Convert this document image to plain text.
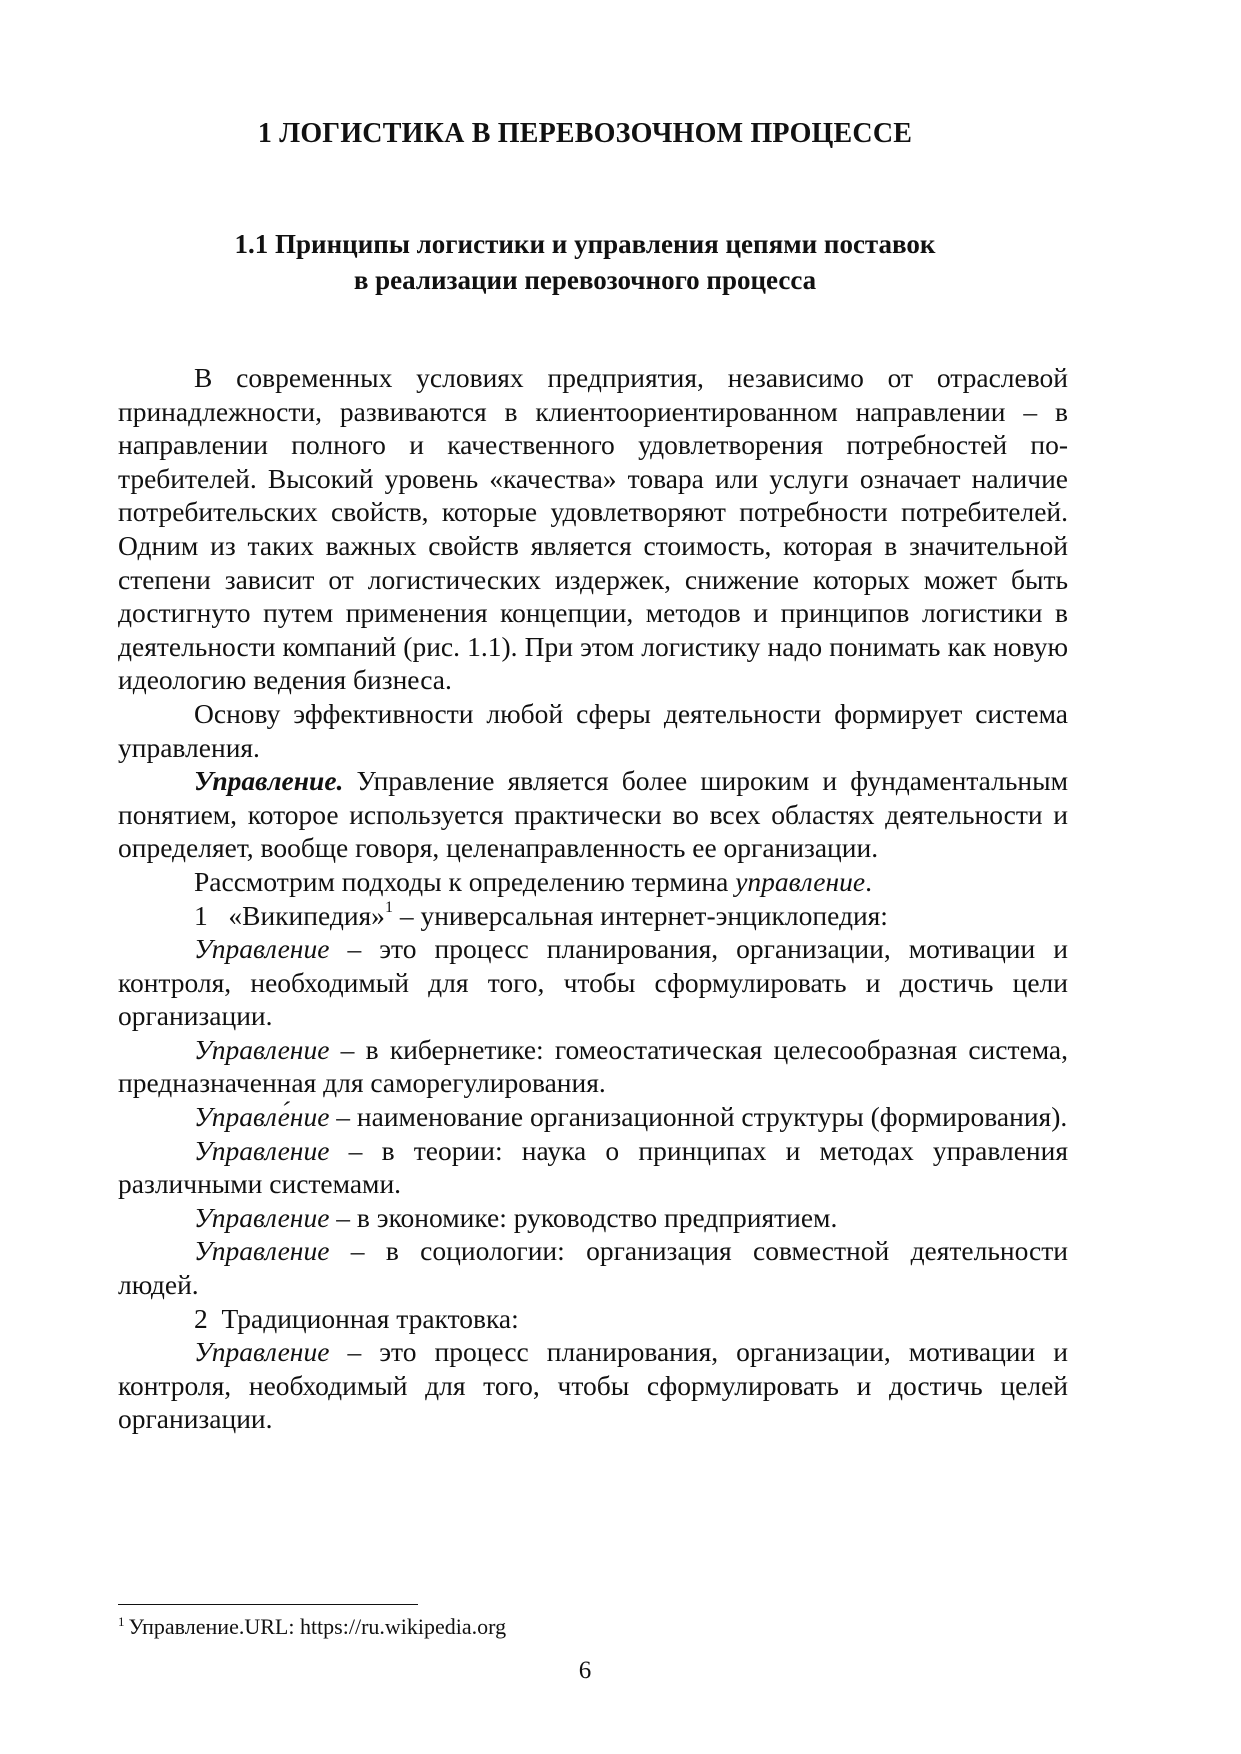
1 ЛОГИСТИКА В ПЕРЕВОЗОЧНОМ ПРОЦЕССЕ
1.1 Принципы логистики и управления цепями поставок
в реализации перевозочного процесса

В современных условиях предприятия, независимо от отраслевой принадлежности, развиваются в клиентоориентированном направлении – в направлении полного и качественного удовлетворения потребностей потребителей. Высокий уровень «качества» товара или услуги означает наличие потребительских свойств, которые удовлетворяют потребности потребителей. Одним из таких важных свойств является стоимость, которая в значительной степени зависит от логистических издержек, снижение которых может быть достигнуто путем применения концепции, методов и принципов логистики в деятельности компаний (рис. 1.1). При этом логистику надо понимать как новую идеологию ведения бизнеса.

Основу эффективности любой сферы деятельности формирует система управления.

Управление. Управление является более широким и фундаментальным понятием, которое используется практически во всех областях деятельности и определяет, вообще говоря, целенаправленность ее организации.

Рассмотрим подходы к определению термина управление.

1 «Википедия»$^1$ – универсальная интернет-энциклопедия:

Управление – это процесс планирования, организации, мотивации и контроля, необходимый для того, чтобы сформулировать и достичь цели организации.

Управление – в кибернетике: гомеостатическая целесообразная система, предназначенная для саморегулирования.

Управле́ние – наименование организационной структуры (формирования).

Управление – в теории: наука о принципах и методах управления различными системами.

Управление – в экономике: руководство предприятием.

Управление – в социологии: организация совместной деятельности людей.

2 Традиционная трактовка:

Управление – это процесс планирования, организации, мотивации и контроля, необходимый для того, чтобы сформулировать и достичь целей организации.

$^1$ Управление.URL: https://ru.wikipedia.org
6
